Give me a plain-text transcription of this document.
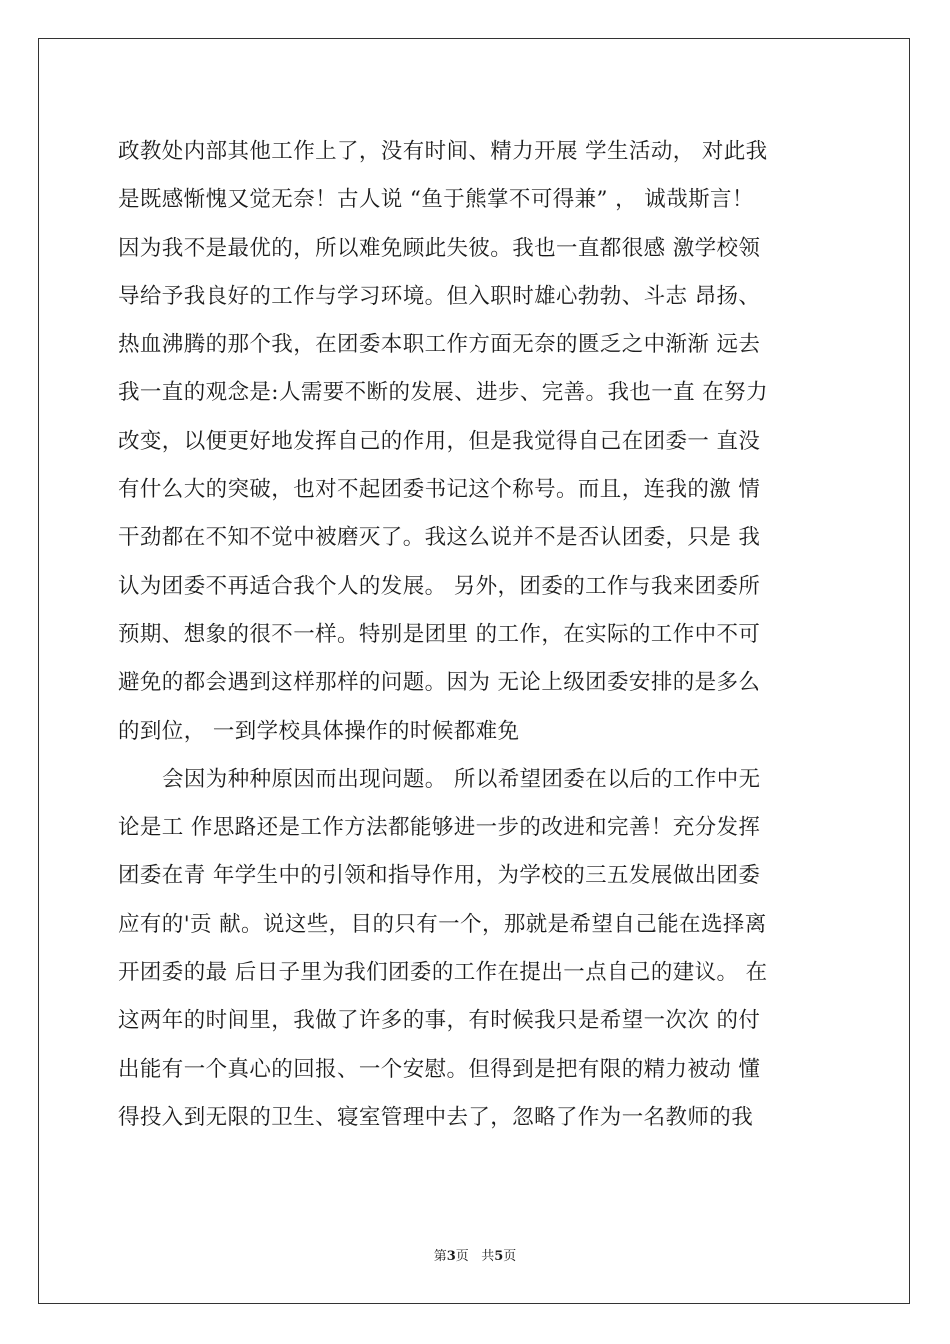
政教处内部其他工作上了，没有时间、精力开展 学生活动， 对此我
是既感惭愧又觉无奈！古人说 “鱼于熊掌不可得兼” ， 诚哉斯言！
因为我不是最优的，所以难免顾此失彼。我也一直都很感 激学校领
导给予我良好的工作与学习环境。但入职时雄心勃勃、斗志 昂扬、
热血沸腾的那个我，在团委本职工作方面无奈的匮乏之中渐渐 远去
我一直的观念是:人需要不断的发展、进步、完善。我也一直 在努力
改变，以便更好地发挥自己的作用，但是我觉得自己在团委一 直没
有什么大的突破，也对不起团委书记这个称号。而且，连我的激 情
干劲都在不知不觉中被磨灭了。我这么说并不是否认团委，只是 我
认为团委不再适合我个人的发展。 另外，团委的工作与我来团委所
预期、想象的很不一样。特别是团里 的工作，在实际的工作中不可
避免的都会遇到这样那样的问题。因为 无论上级团委安排的是多么
的到位， 一到学校具体操作的时候都难免
会因为种种原因而出现问题。 所以希望团委在以后的工作中无
论是工 作思路还是工作方法都能够进一步的改进和完善！充分发挥
团委在青 年学生中的引领和指导作用，为学校的三五发展做出团委
应有的'贡 献。说这些，目的只有一个，那就是希望自己能在选择离
开团委的最 后日子里为我们团委的工作在提出一点自己的建议。 在
这两年的时间里，我做了许多的事，有时候我只是希望一次次 的付
出能有一个真心的回报、一个安慰。但得到是把有限的精力被动 懂
得投入到无限的卫生、寝室管理中去了，忽略了作为一名教师的我
第3页   共5页
